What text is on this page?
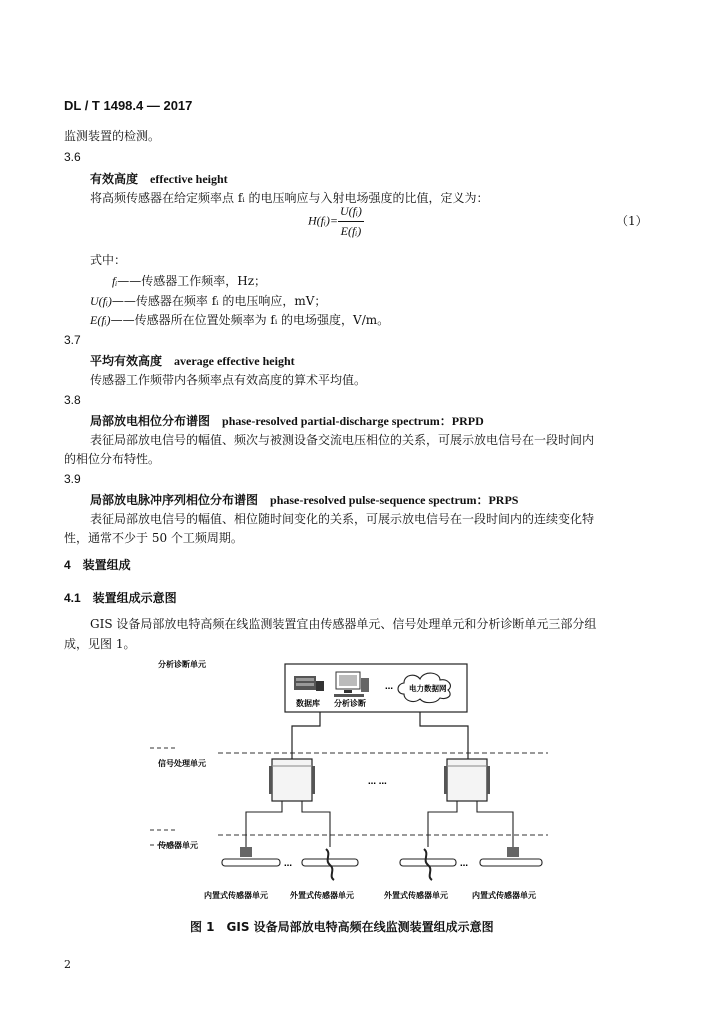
DL / T 1498.4 — 2017
监测装置的检测。
3.6
有效高度 effective height
将高频传感器在给定频率点 fᵢ 的电压响应与入射电场强度的比值，定义为：
H(fᵢ)= $\frac{\text{U(fᵢ)}}{\text{E(fᵢ)}}$	（1）
式中：
fᵢ——传感器工作频率，Hz；
U(fᵢ)——传感器在频率 fᵢ 的电压响应，mV；
E(fᵢ)——传感器所在位置处频率为 fᵢ 的电场强度，V/m。
3.7
平均有效高度 average effective height
传感器工作频带内各频率点有效高度的算术平均值。
3.8
局部放电相位分布谱图 phase-resolved partial-discharge spectrum：PRPD
表征局部放电信号的幅值、频次与被测设备交流电压相位的关系，可展示放电信号在一段时间内
的相位分布特性。
3.9
局部放电脉冲序列相位分布谱图 phase-resolved pulse-sequence spectrum：PRPS
表征局部放电信号的幅值、相位随时间变化的关系，可展示放电信号在一段时间内的连续变化特
性，通常不少于 50 个工频周期。
4　装置组成
4.1　装置组成示意图
GIS 设备局部放电特高频在线监测装置宜由传感器单元、信号处理单元和分析诊断单元三部分组
成，见图 1。
分析诊断单元
信号处理单元
传感器单元
数据库 分析诊断
… 电力数据网
… …
…	…
内置式传感器单元	外置式传感器单元	外置式传感器单元	内置式传感器单元
图 1　GIS 设备局部放电特高频在线监测装置组成示意图
2
